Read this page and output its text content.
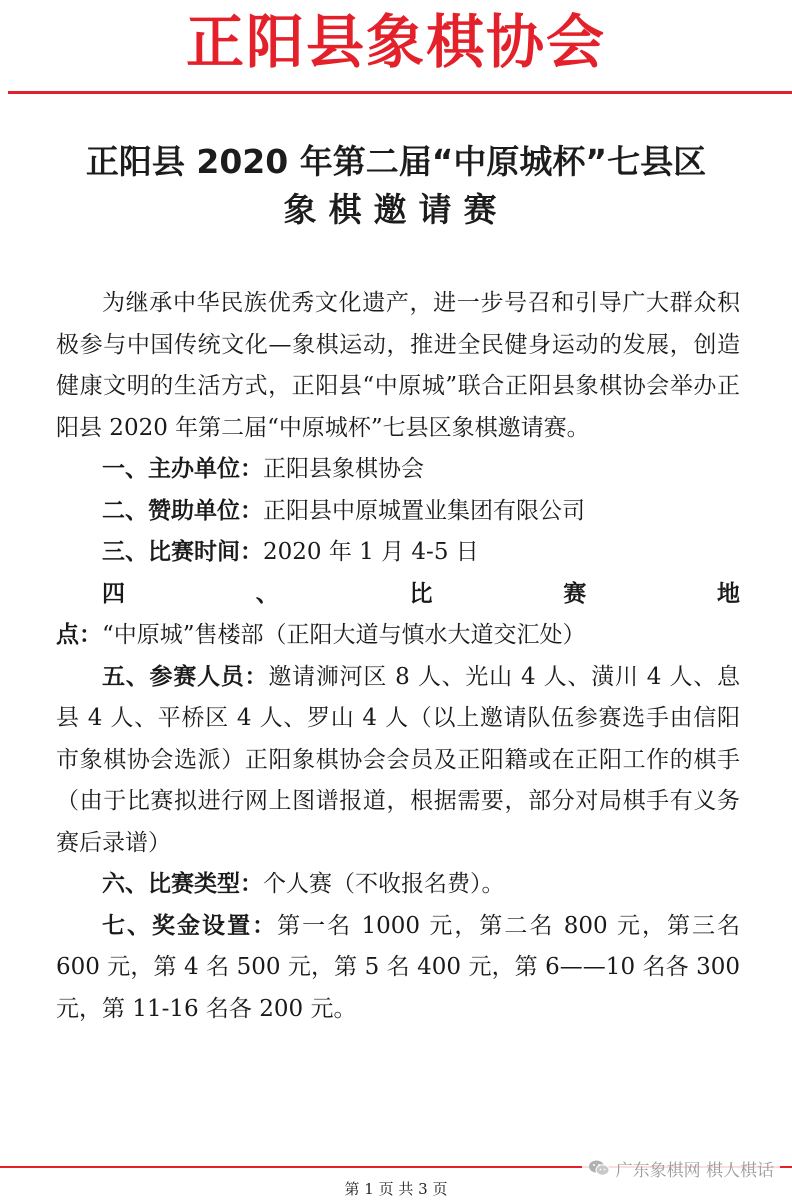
正阳县象棋协会
正阳县 2020 年第二届“中原城杯”七县区
象棋邀请赛

为继承中华民族优秀文化遗产，进一步号召和引导广大群众积极参与中国传统文化—象棋运动，推进全民健身运动的发展，创造健康文明的生活方式，正阳县“中原城”联合正阳县象棋协会举办正阳县 2020 年第二届“中原城杯”七县区象棋邀请赛。

一、主办单位：正阳县象棋协会

二、赞助单位：正阳县中原城置业集团有限公司

三、比赛时间：2020 年 1 月 4-5 日

四、比赛地点：“中原城”售楼部（正阳大道与慎水大道交汇处）

五、参赛人员：邀请浉河区 8 人、光山 4 人、潢川 4 人、息县 4 人、平桥区 4 人、罗山 4 人（以上邀请队伍参赛选手由信阳市象棋协会选派）正阳象棋协会会员及正阳籍或在正阳工作的棋手（由于比赛拟进行网上图谱报道，根据需要，部分对局棋手有义务赛后录谱）

六、比赛类型：个人赛（不收报名费）。

七、奖金设置：第一名 1000 元，第二名 800 元，第三名 600 元，第 4 名 500 元，第 5 名 400 元，第 6——10 名各 300 元，第 11-16 名各 200 元。

广东象棋网 棋人棋话
第 1 页 共 3 页
